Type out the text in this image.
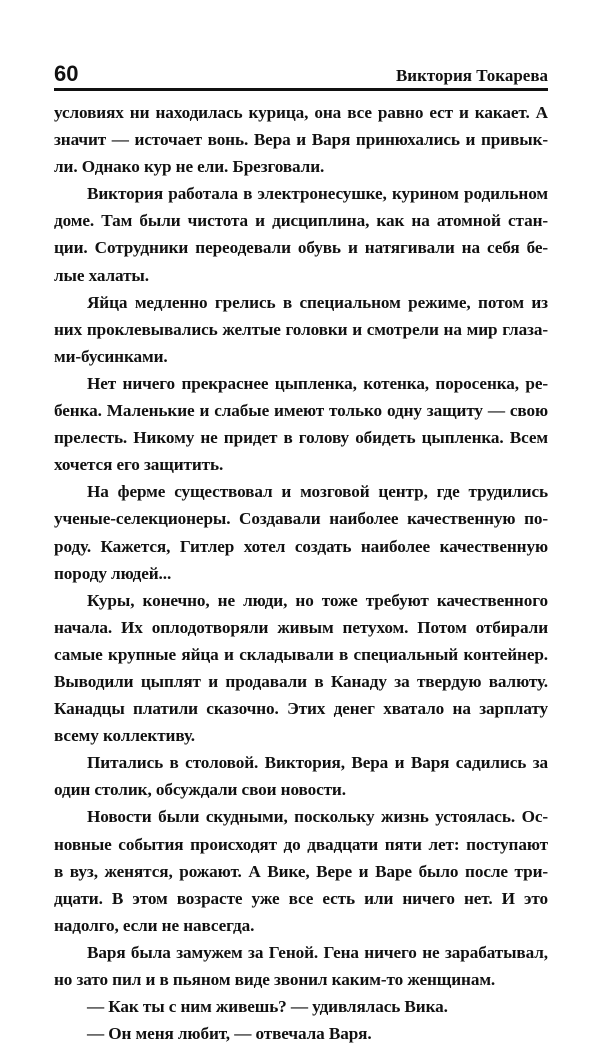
60	Виктория Токарева
условиях ни находилась курица, она все равно ест и какает. А
значит — источает вонь. Вера и Варя принюхались и привык-
ли. Однако кур не ели. Брезговали.
Виктория работала в электронесушке, курином родильном
доме. Там были чистота и дисциплина, как на атомной стан-
ции. Сотрудники переодевали обувь и натягивали на себя бе-
лые халаты.
Яйца медленно грелись в специальном режиме, потом из
них проклевывались желтые головки и смотрели на мир глаза-
ми-бусинками.
Нет ничего прекраснее цыпленка, котенка, поросенка, ре-
бенка. Маленькие и слабые имеют только одну защиту — свою
прелесть. Никому не придет в голову обидеть цыпленка. Всем
хочется его защитить.
На ферме существовал и мозговой центр, где трудились
ученые-селекционеры. Создавали наиболее качественную по-
роду. Кажется, Гитлер хотел создать наиболее качественную
породу людей...
Куры, конечно, не люди, но тоже требуют качественного
начала. Их оплодотворяли живым петухом. Потом отбирали
самые крупные яйца и складывали в специальный контейнер.
Выводили цыплят и продавали в Канаду за твердую валюту.
Канадцы платили сказочно. Этих денег хватало на зарплату
всему коллективу.
Питались в столовой. Виктория, Вера и Варя садились за
один столик, обсуждали свои новости.
Новости были скудными, поскольку жизнь устоялась. Ос-
новные события происходят до двадцати пяти лет: поступают
в вуз, женятся, рожают. А Вике, Вере и Варе было после три-
дцати. В этом возрасте уже все есть или ничего нет. И это
надолго, если не навсегда.
Варя была замужем за Геной. Гена ничего не зарабатывал,
но зато пил и в пьяном виде звонил каким-то женщинам.
— Как ты с ним живешь? — удивлялась Вика.
— Он меня любит, — отвечала Варя.
